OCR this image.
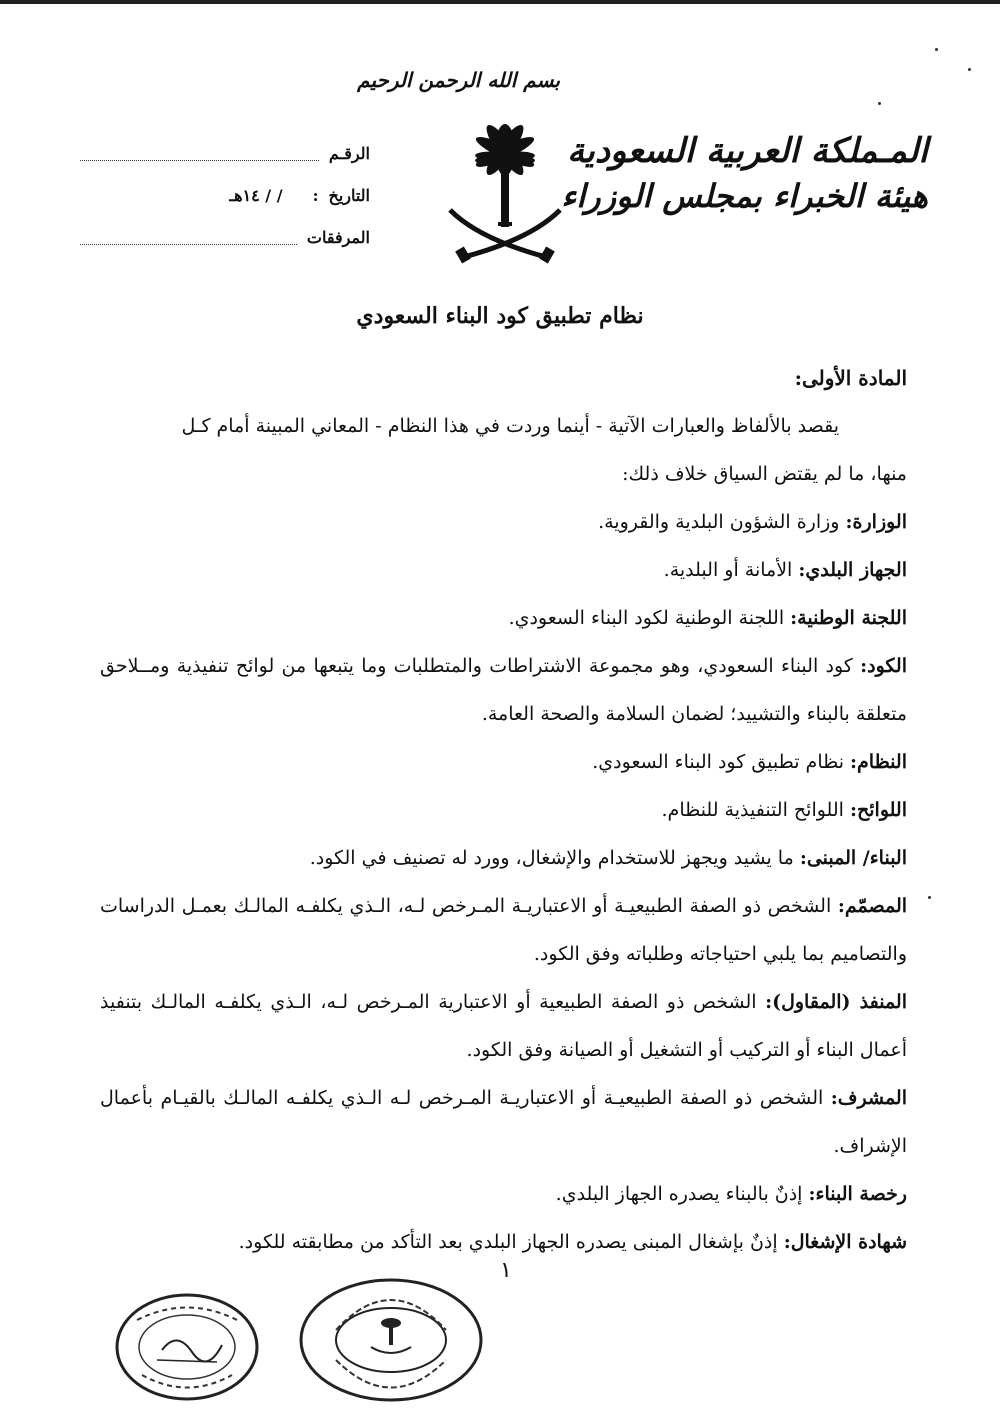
المـملكة العربية السعودية
هيئة الخبراء بمجلس الوزراء
بسم الله الرحمن الرحيم
الرقـم
التاريخ
:
/ / ١٤هـ
المرفقات
نظام تطبيق كود البناء السعودي

المادة الأولى:

يقصد بالألفاظ والعبارات الآتية - أينما وردت في هذا النظام - المعاني المبينة أمام كـل

منها، ما لم يقتض السياق خلاف ذلك:

الوزارة: وزارة الشؤون البلدية والقروية.

الجهاز البلدي: الأمانة أو البلدية.

اللجنة الوطنية: اللجنة الوطنية لكود البناء السعودي.

الكود: كود البناء السعودي، وهو مجموعة الاشتراطات والمتطلبات وما يتبعها من لوائح تنفيذية ومــلاحق متعلقة بالبناء والتشييد؛ لضمان السلامة والصحة العامة.

النظام: نظام تطبيق كود البناء السعودي.

اللوائح: اللوائح التنفيذية للنظام.

البناء/ المبنى: ما يشيد ويجهز للاستخدام والإشغال، وورد له تصنيف في الكود.

المصمّم: الشخص ذو الصفة الطبيعيـة أو الاعتباريـة المـرخص لـه، الـذي يكلفـه المالـك بعمـل الدراسات والتصاميم بما يلبي احتياجاته وطلباته وفق الكود.

المنفذ (المقاول): الشخص ذو الصفة الطبيعية أو الاعتبارية المـرخص لـه، الـذي يكلفـه المالـك بتنفيذ أعمال البناء أو التركيب أو التشغيل أو الصيانة وفق الكود.

المشرف: الشخص ذو الصفة الطبيعيـة أو الاعتباريـة المـرخص لـه الـذي يكلفـه المالـك بالقيـام بأعمال الإشراف.

رخصة البناء: إذنٌ بالبناء يصدره الجهاز البلدي.

شهادة الإشغال: إذنٌ بإشغال المبنى يصدره الجهاز البلدي بعد التأكد من مطابقته للكود.

١
